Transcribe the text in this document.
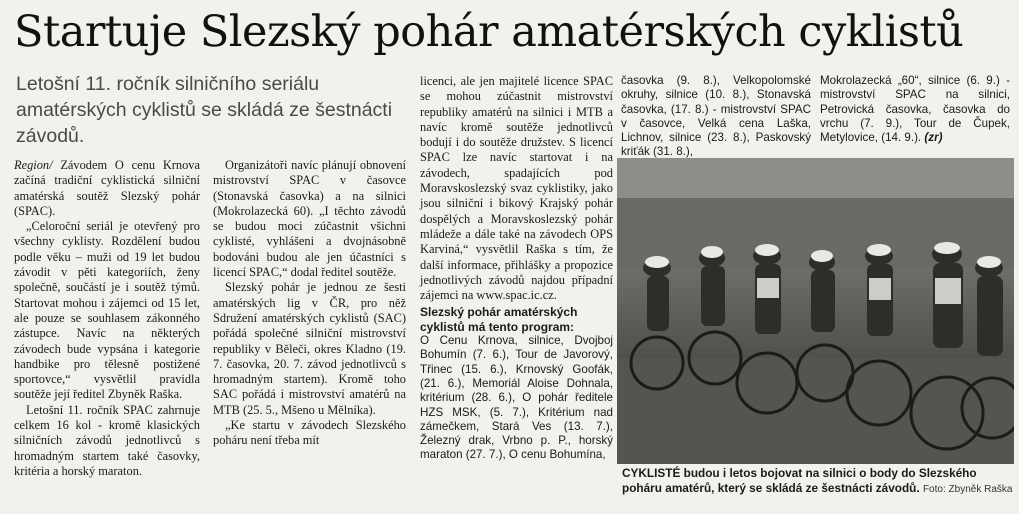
Startuje Slezský pohár amatérských cyklistů
Letošní 11. ročník silničního seriálu amatérských cyklistů se skládá ze šestnácti závodů.

Region/ Závodem O cenu Krnova začíná tradiční cyklistická silniční amatérská soutěž Slezský pohár (SPAC).

„Celoroční seriál je otevřený pro všechny cyklisty. Rozdělení budou podle věku – muži od 19 let budou závodit v pěti kategoriích, ženy společně, součástí je i soutěž týmů. Startovat mohou i zájemci od 15 let, ale pouze se souhlasem zákonného zástupce. Navíc na některých závodech bude vypsána i kategorie handbike pro tělesně postižené sportovce,“ vysvětlil pravidla soutěže její ředitel Zbyněk Raška.

Letošní 11. ročník SPAC zahrnuje celkem 16 kol - kromě klasických silničních závodů jednotlivců s hromadným startem také časovky, kritéria a horský maraton.

Organizátoři navíc plánují obnovení mistrovství SPAC v časovce (Stonavská časovka) a na silnici (Mokrolazecká 60). „I těchto závodů se budou moci zúčastnit všichni cyklisté, vyhlášeni a dvojnásobně bodováni budou ale jen účastníci s licencí SPAC,“ dodal ředitel soutěže.

Slezský pohár je jednou ze šesti amatérských lig v ČR, pro něž Sdružení amatérských cyklistů (SAC) pořádá společné silniční mistrovství republiky v Běleči, okres Kladno (19. 7. časovka, 20. 7. závod jednotlivců s hromadným startem). Kromě toho SAC pořádá i mistrovství amatérů na MTB (25. 5., Mšeno u Mělníka).

„Ke startu v závodech Slezského poháru není třeba mít

licenci, ale jen majitelé licence SPAC se mohou zúčastnit mistrovství republiky amatérů na silnici i MTB a navíc kromě soutěže jednotlivců bodují i do soutěže družstev. S licencí SPAC lze navíc startovat i na závodech, spadajících pod Moravskoslezský svaz cyklistiky, jako jsou silniční i bikový Krajský pohár dospělých a Moravskoslezský pohár mládeže a dále také na závodech OPS Karviná,“ vysvětlil Raška s tím, že další informace, přihlášky a propozice jednotlivých závodů najdou případní zájemci na www.spac.ic.cz.

Slezský pohár amatérských cyklistů má tento program:
O Cenu Krnova, silnice, Dvojboj Bohumín (7. 6.), Tour de Javorový, Třinec (15. 6.), Krnovský Goofák, (21. 6.), Memoriál Aloise Dohnala, kritérium (28. 6.), O pohár ředitele HZS MSK, (5. 7.), Kritérium nad zámečkem, Stará Ves (13. 7.), Železný drak, Vrbno p. P., horský maraton (27. 7.), O cenu Bohumína,
časovka (9. 8.), Velkopolomské okruhy, silnice (10. 8.), Stonavská časovka, (17. 8.) - mistrovství SPAC v časovce, Velká cena Laška, Lichnov, silnice (23. 8.), Paskovský kriťák (31. 8.),
Mokrolazecká „60“, silnice (6. 9.) - mistrovství SPAC na silnici, Petrovická časovka, časovka do vrchu (7. 9.), Tour de Čupek, Metylovice, (14. 9.). (zr)
CYKLISTÉ budou i letos bojovat na silnici o body do Slezského poháru amatérů, který se skládá ze šestnácti závodů. Foto: Zbyněk Raška
